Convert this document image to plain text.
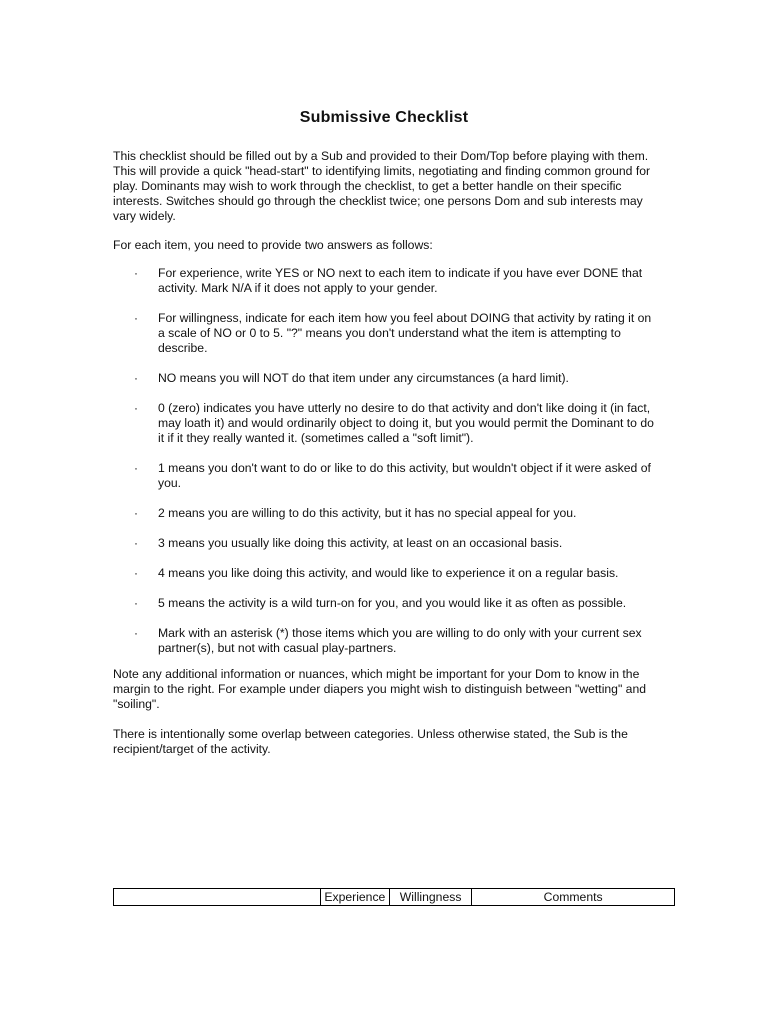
Submissive Checklist

This checklist should be filled out by a Sub and provided to their Dom/Top before playing with them. This will provide a quick "head-start" to identifying limits, negotiating and finding common ground for play. Dominants may wish to work through the checklist, to get a better handle on their specific interests. Switches should go through the checklist twice; one persons Dom and sub interests may vary widely.

For each item, you need to provide two answers as follows:

·	For experience, write YES or NO next to each item to indicate if you have ever DONE that activity. Mark N/A if it does not apply to your gender.
·	For willingness, indicate for each item how you feel about DOING that activity by rating it on a scale of NO or 0 to 5. "?" means you don't understand what the item is attempting to describe.
·	NO means you will NOT do that item under any circumstances (a hard limit).
·	0 (zero) indicates you have utterly no desire to do that activity and don't like doing it (in fact, may loath it) and would ordinarily object to doing it, but you would permit the Dominant to do it if it they really wanted it. (sometimes called a "soft limit").
·	1 means you don't want to do or like to do this activity, but wouldn't object if it were asked of you.
·	2 means you are willing to do this activity, but it has no special appeal for you.
·	3 means you usually like doing this activity, at least on an occasional basis.
·	4 means you like doing this activity, and would like to experience it on a regular basis.
·	5 means the activity is a wild turn-on for you, and you would like it as often as possible.
·	Mark with an asterisk (*) those items which you are willing to do only with your current sex partner(s), but not with casual play-partners.

Note any additional information or nuances, which might be important for your Dom to know in the margin to the right. For example under diapers you might wish to distinguish between "wetting" and "soiling".

There is intentionally some overlap between categories. Unless otherwise stated, the Sub is the recipient/target of the activity.

	Experience	Willingness	Comments
